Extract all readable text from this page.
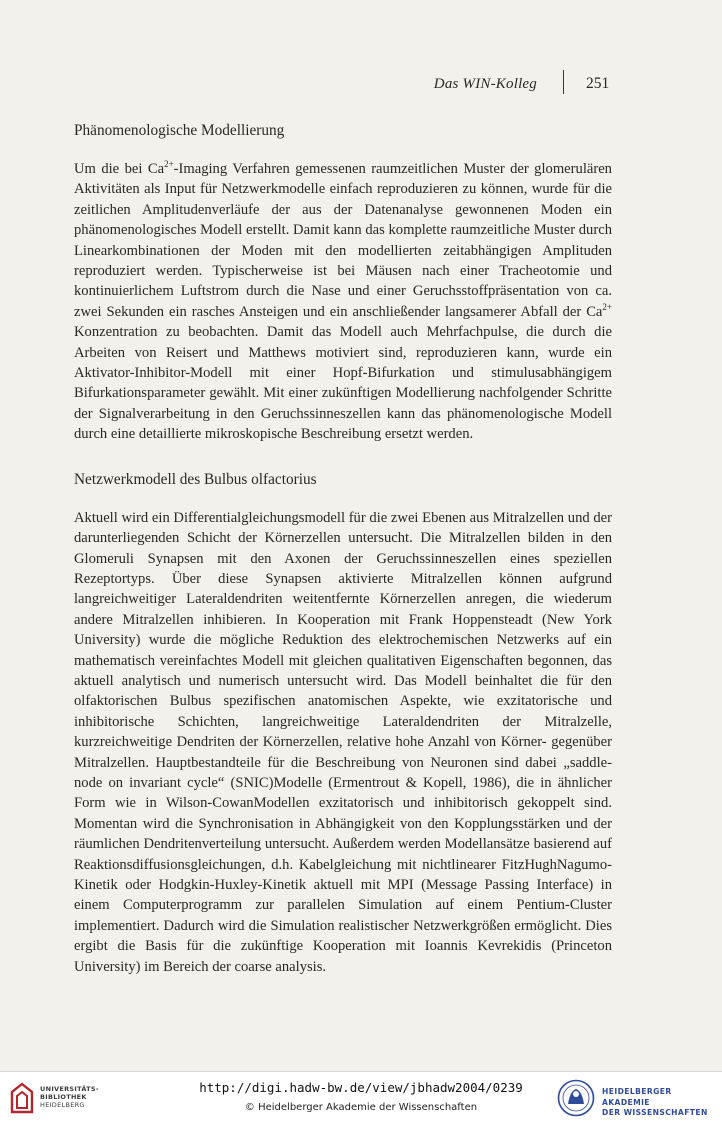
Das WIN-Kolleg	251
Phänomenologische Modellierung

Um die bei $Ca^{2+}$-Imaging Verfahren gemessenen raumzeitlichen Muster der glomerulären Aktivitäten als Input für Netzwerkmodelle einfach reproduzieren zu können, wurde für die zeitlichen Amplitudenverläufe der aus der Datenanalyse gewonnenen Moden ein phänomenologisches Modell erstellt. Damit kann das komplette raumzeitliche Muster durch Linearkombinationen der Moden mit den modellierten zeitabhängigen Amplituden reproduziert werden. Typischerweise ist bei Mäusen nach einer Tracheotomie und kontinuierlichem Luftstrom durch die Nase und einer Geruchsstoffpräsentation von ca. zwei Sekunden ein rasches Ansteigen und ein anschließender langsamerer Abfall der $Ca^{2+}$ Konzentration zu beobachten. Damit das Modell auch Mehrfachpulse, die durch die Arbeiten von Reisert und Matthews motiviert sind, reproduzieren kann, wurde ein Aktivator-Inhibitor-Modell mit einer Hopf-Bifurkation und stimulusabhängigem Bifurkationsparameter gewählt. Mit einer zukünftigen Modellierung nachfolgender Schritte der Signalverarbeitung in den Geruchssinneszellen kann das phänomenologische Modell durch eine detaillierte mikroskopische Beschreibung ersetzt werden.

Netzwerkmodell des Bulbus olfactorius

Aktuell wird ein Differentialgleichungsmodell für die zwei Ebenen aus Mitralzellen und der darunterliegenden Schicht der Körnerzellen untersucht. Die Mitralzellen bilden in den Glomeruli Synapsen mit den Axonen der Geruchssinneszellen eines speziellen Rezeptortyps. Über diese Synapsen aktivierte Mitralzellen können aufgrund langreichweitiger Lateraldendriten weitentfernte Körnerzellen anregen, die wiederum andere Mitralzellen inhibieren. In Kooperation mit Frank Hoppensteadt (New York University) wurde die mögliche Reduktion des elektrochemischen Netzwerks auf ein mathematisch vereinfachtes Modell mit gleichen qualitativen Eigenschaften begonnen, das aktuell analytisch und numerisch untersucht wird. Das Modell beinhaltet die für den olfaktorischen Bulbus spezifischen anatomischen Aspekte, wie exzitatorische und inhibitorische Schichten, langreichweitige Lateraldendriten der Mitralzelle, kurzreichweitige Dendriten der Körnerzellen, relative hohe Anzahl von Körner- gegenüber Mitralzellen. Hauptbestandteile für die Beschreibung von Neuronen sind dabei „saddle-node on invariant cycle“ (SNIC)Modelle (Ermentrout & Kopell, 1986), die in ähnlicher Form wie in Wilson-CowanModellen exzitatorisch und inhibitorisch gekoppelt sind. Momentan wird die Synchronisation in Abhängigkeit von den Kopplungsstärken und der räumlichen Dendritenverteilung untersucht. Außerdem werden Modellansätze basierend auf Reaktionsdiffusionsgleichungen, d.h. Kabelgleichung mit nichtlinearer FitzHughNagumo-Kinetik oder Hodgkin-Huxley-Kinetik aktuell mit MPI (Message Passing Interface) in einem Computerprogramm zur parallelen Simulation auf einem Pentium-Cluster implementiert. Dadurch wird die Simulation realistischer Netzwerkgrößen ermöglicht. Dies ergibt die Basis für die zukünftige Kooperation mit Ioannis Kevrekidis (Princeton University) im Bereich der coarse analysis.

UNIVERSITÄTS-
BIBLIOTHEK
HEIDELBERG
http://digi.hadw-bw.de/view/jbhadw2004/0239
© Heidelberger Akademie der Wissenschaften
HEIDELBERGER AKADEMIE
DER WISSENSCHAFTEN
